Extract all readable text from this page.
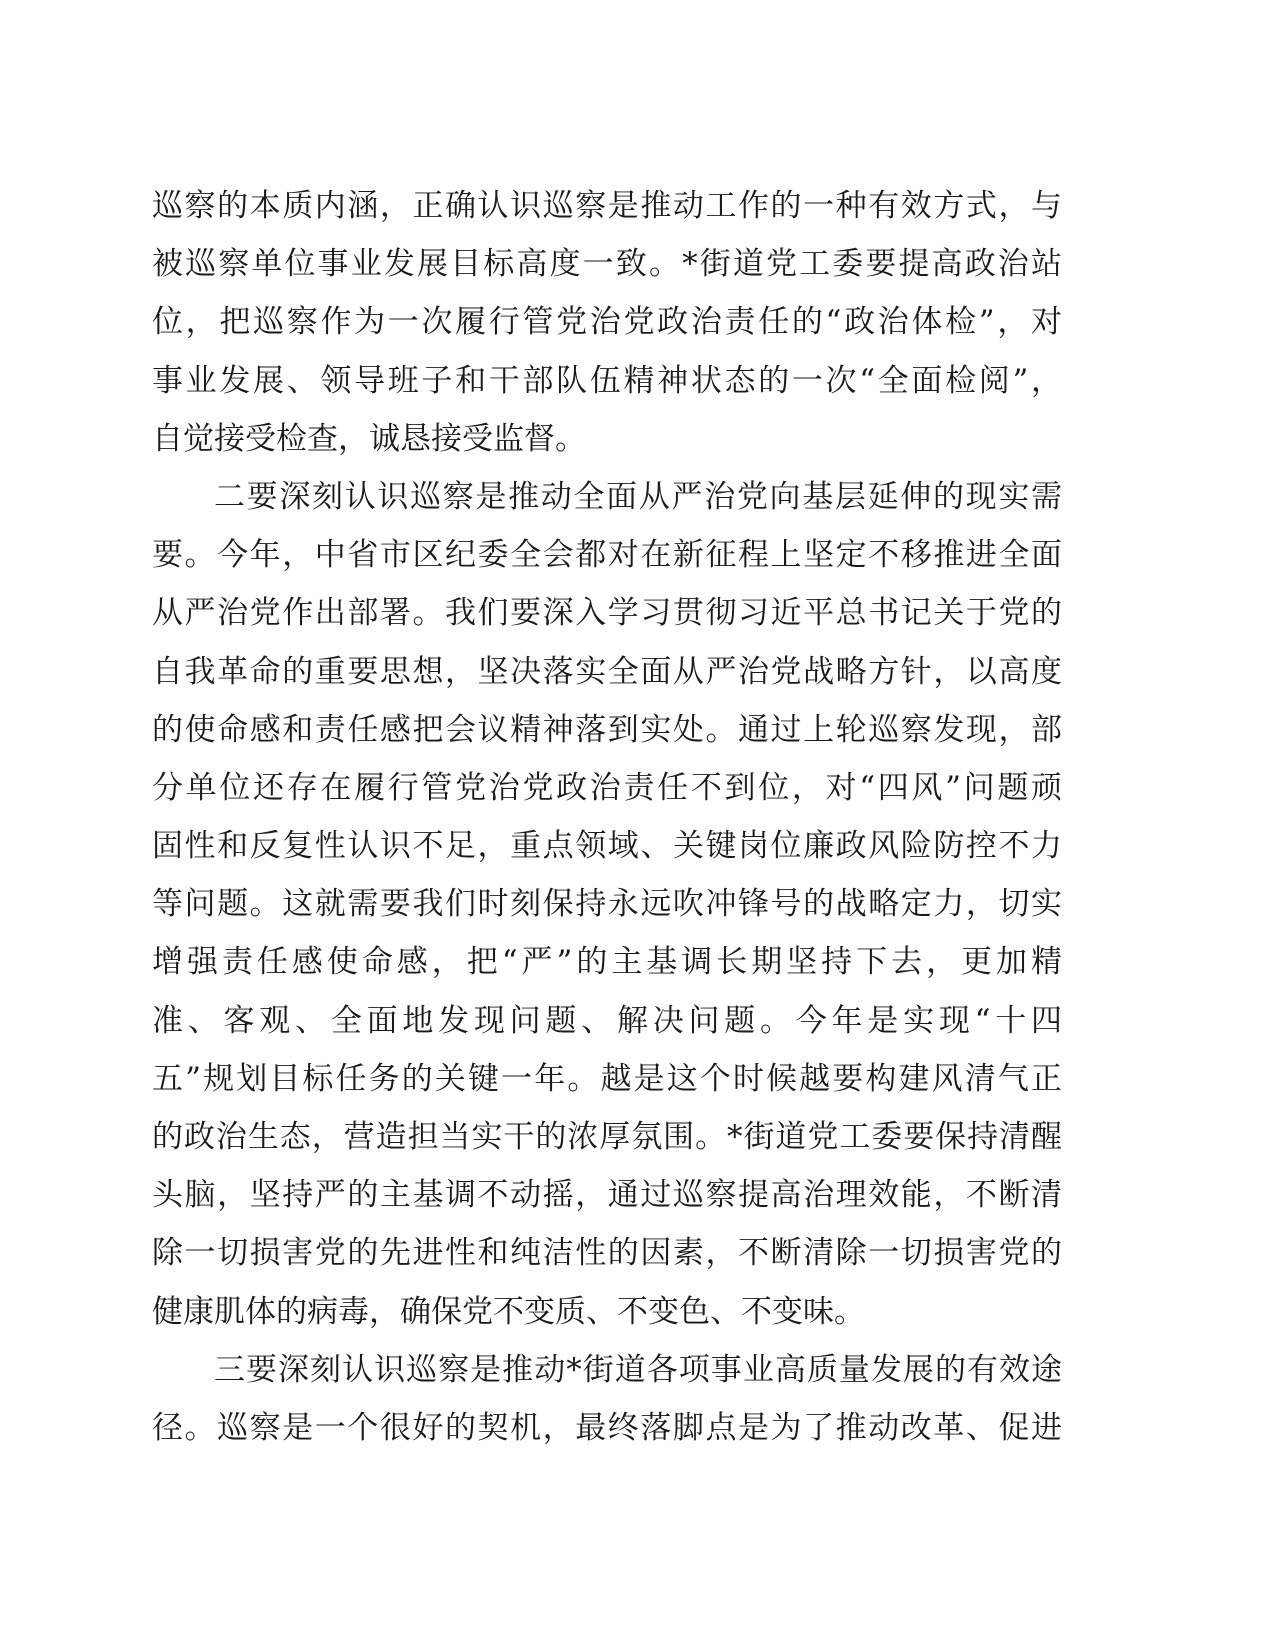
巡察的本质内涵，正确认识巡察是推动工作的一种有效方式，与
被巡察单位事业发展目标高度一致。*街道党工委要提高政治站
位，把巡察作为一次履行管党治党政治责任的“政治体检”，对
事业发展、领导班子和干部队伍精神状态的一次“全面检阅”，
自觉接受检查，诚恳接受监督。
二要深刻认识巡察是推动全面从严治党向基层延伸的现实需
要。今年，中省市区纪委全会都对在新征程上坚定不移推进全面
从严治党作出部署。我们要深入学习贯彻习近平总书记关于党的
自我革命的重要思想，坚决落实全面从严治党战略方针，以高度
的使命感和责任感把会议精神落到实处。通过上轮巡察发现，部
分单位还存在履行管党治党政治责任不到位，对“四风”问题顽
固性和反复性认识不足，重点领域、关键岗位廉政风险防控不力
等问题。这就需要我们时刻保持永远吹冲锋号的战略定力，切实
增强责任感使命感，把“严”的主基调长期坚持下去，更加精
准、客观、全面地发现问题、解决问题。今年是实现“十四
五”规划目标任务的关键一年。越是这个时候越要构建风清气正
的政治生态，营造担当实干的浓厚氛围。*街道党工委要保持清醒
头脑，坚持严的主基调不动摇，通过巡察提高治理效能，不断清
除一切损害党的先进性和纯洁性的因素，不断清除一切损害党的
健康肌体的病毒，确保党不变质、不变色、不变味。
三要深刻认识巡察是推动*街道各项事业高质量发展的有效途
径。巡察是一个很好的契机，最终落脚点是为了推动改革、促进
